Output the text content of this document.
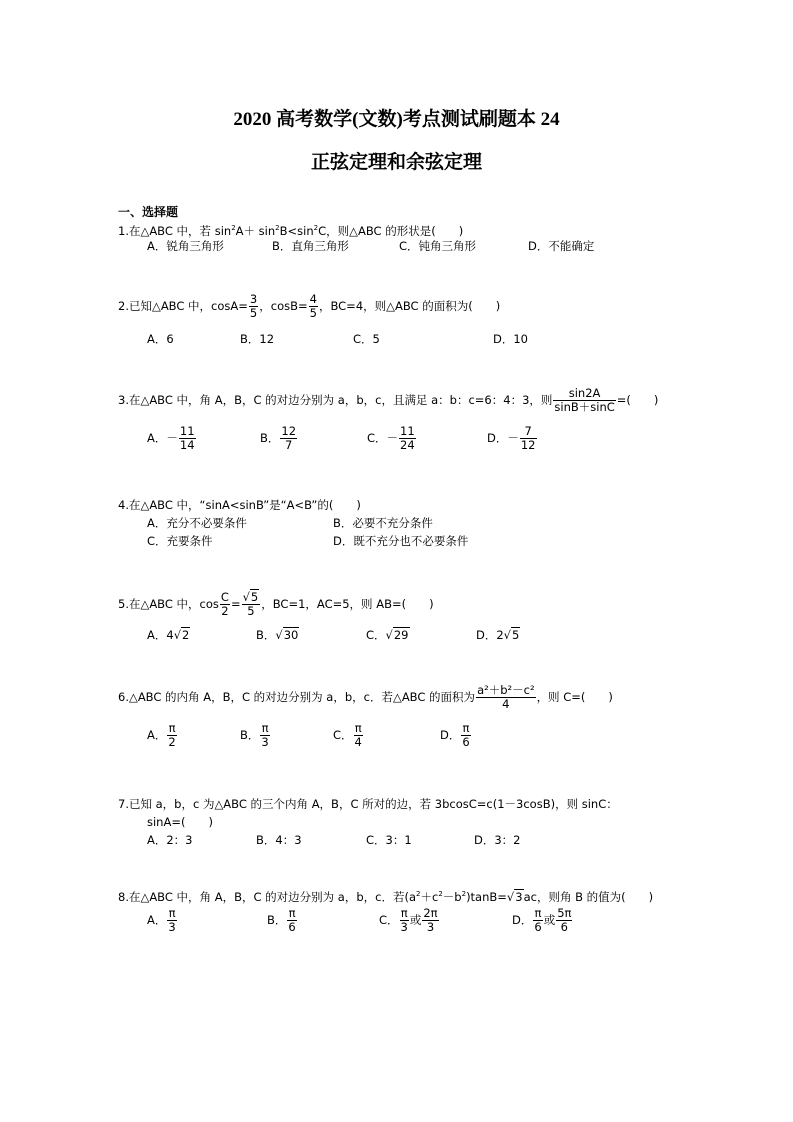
2020 高考数学(文数)考点测试刷题本 24
正弦定理和余弦定理
一、选择题
1.在△ABC 中，若 $\sin^2A+ \sin^2B<\sin^2C$，则△ABC 的形状是(　　)
A．锐角三角形	B．直角三角形	C．钝角三角形	D．不能确定
2.已知△ABC 中，$\cos A= \frac{3}{5}$ ，$\cos B= \frac{4}{5}$ ，BC=4，则△ABC 的面积为(　　)
A．6	B．12	C．5	D．10
3.在△ABC 中，角 A，B，C 的对边分别为 a，b，c，且满足 a：b：c=6：4：3，则 $\frac{\sin 2A}{\sin B+\sin C}$ =(　　)
A．－ $\frac{11}{14}$	B． $\frac{12}{7}$	C．－ $\frac{11}{24}$	D．－ $\frac{7}{12}$
4.在△ABC 中，“sinA<sinB”是“A<B”的(　　)
A．充分不必要条件	B．必要不充分条件
C．充要条件	D．既不充分也不必要条件
5.在△ABC 中，$\cos \frac{C}{2} = \frac{√5}{5}$ ，BC=1，AC=5，则 AB=(　　)
A．4√2	B．√30	C．√29	D．2√5
6.△ABC 的内角 A，B，C 的对边分别为 a，b，c．若△ABC 的面积为 $\frac{\text{a²＋b²－c²}}{4}$ ，则 C=(　　)
A． $\frac{\pi}{2}$	B． $\frac{\pi}{3}$	C． $\frac{\pi}{4}$	D． $\frac{\pi}{6}$
7.已知 a，b，c 为△ABC 的三个内角 A，B，C 所对的边，若 3bcosC=c(1－3cosB)，则 sinC：
sinA=(　　)
A．2：3	B．4：3	C．3：1	D．3：2
8.在△ABC 中，角 A，B，C 的对边分别为 a，b，c．若$(a^2+c^2-b^2)\tan B=√3ac$，则角 B 的值为(　　)
A． $\frac{\pi}{3}$	B． $\frac{\pi}{6}$	C． $\frac{\pi}{3}$ 或 $\frac{2\pi}{3}$	D． $\frac{\pi}{6}$ 或 $\frac{5\pi}{6}$
